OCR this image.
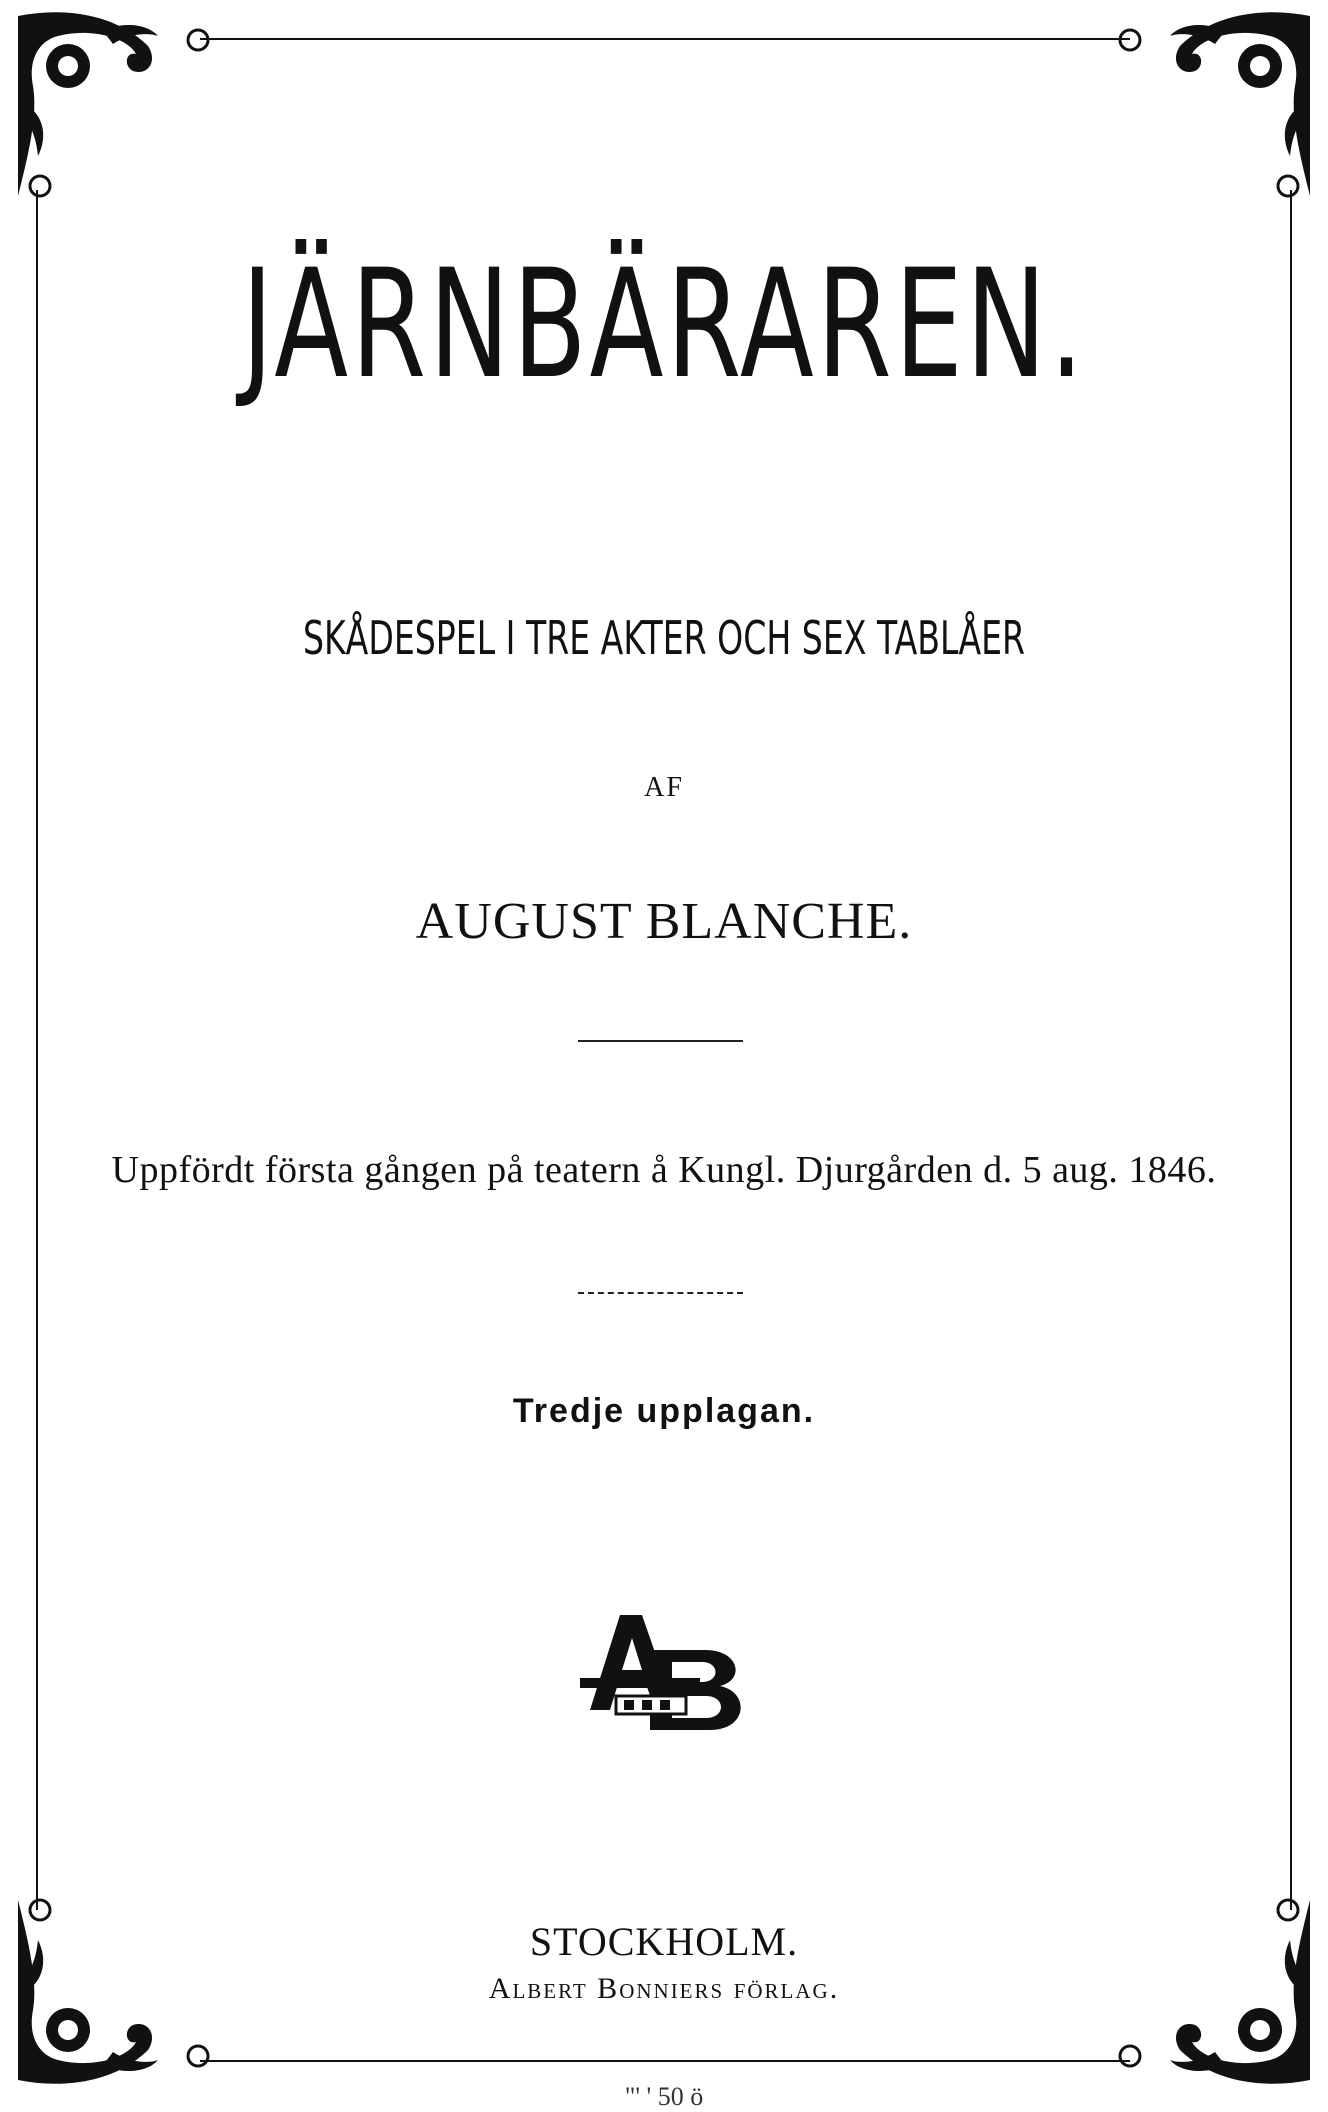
JÄRNBÄRAREN.
SKÅDESPEL I TRE AKTER OCH SEX TABLÅER
AF
AUGUST BLANCHE.
Uppfördt första gången på teatern å Kungl. Djurgården d. 5 aug. 1846.
Tredje upplagan.
STOCKHOLM.
Albert Bonniers förlag.
"' ' 50 ö
